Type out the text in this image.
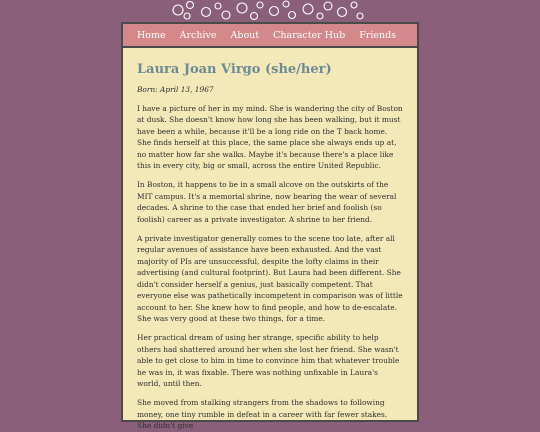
Home Archive About Character Hub Friends
Laura Joan Virgo (she/her)

Born: April 13, 1967

I have a picture of her in my mind. She is wandering the city of Boston at dusk. She doesn't know how long she has been walking, but it must have been a while, because it'll be a long ride on the T back home. She finds herself at this place, the same place she always ends up at, no matter how far she walks. Maybe it's because there's a place like this in every city, big or small, across the entire United Republic.

In Boston, it happens to be in a small alcove on the outskirts of the MIT campus. It's a memorial shrine, now bearing the wear of several decades. A shrine to the case that ended her brief and foolish (so foolish) career as a private investigator. A shrine to her friend.

A private investigator generally comes to the scene too late, after all regular avenues of assistance have been exhausted. And the vast majority of PIs are unsuccessful, despite the lofty claims in their advertising (and cultural footprint). But Laura had been different. She didn't consider herself a genius, just basically competent. That everyone else was pathetically incompetent in comparison was of little account to her. She knew how to find people, and how to de-escalate. She was very good at these two things, for a time.

Her practical dream of using her strange, specific ability to help others had shattered around her when she lost her friend. She wasn't able to get close to him in time to convince him that whatever trouble he was in, it was fixable. There was nothing unfixable in Laura's world, until then.

She moved from stalking strangers from the shadows to following money, one tiny rumble in defeat in a career with far fewer stakes. She didn't give
